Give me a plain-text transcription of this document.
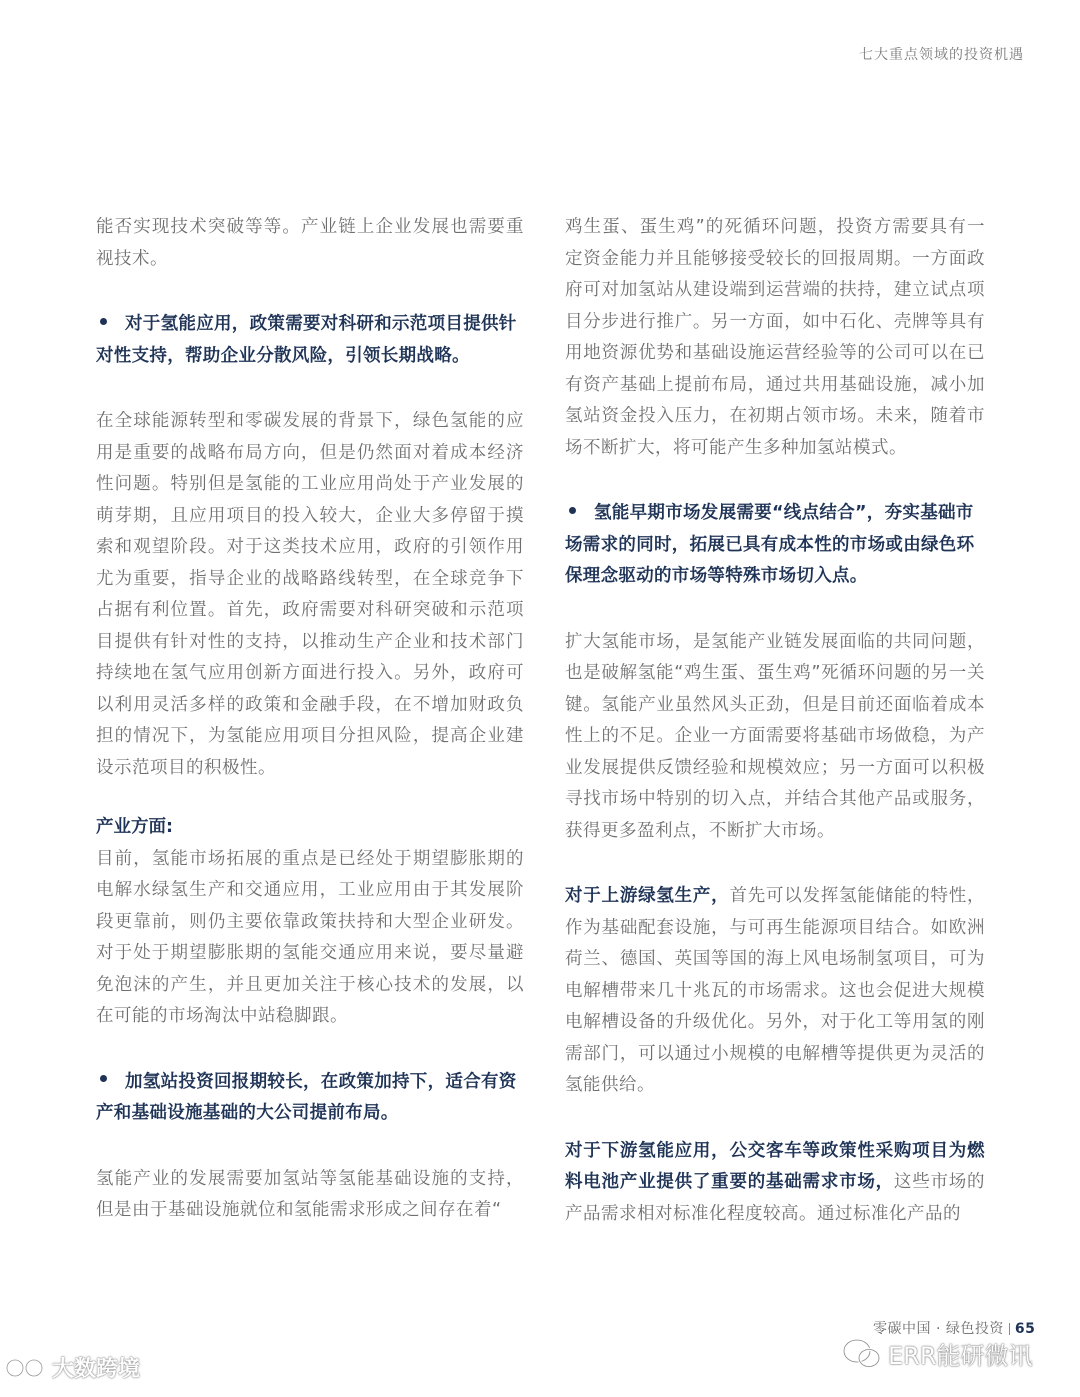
七大重点领域的投资机遇

能否实现技术突破等等。产业链上企业发展也需要重视技术。

对于氢能应用，政策需要对科研和示范项目提供针对性支持，帮助企业分散风险，引领长期战略。

在全球能源转型和零碳发展的背景下，绿色氢能的应用是重要的战略布局方向，但是仍然面对着成本经济性问题。特别但是氢能的工业应用尚处于产业发展的萌芽期，且应用项目的投入较大，企业大多停留于摸索和观望阶段。对于这类技术应用，政府的引领作用尤为重要，指导企业的战略路线转型，在全球竞争下占据有利位置。首先，政府需要对科研突破和示范项目提供有针对性的支持，以推动生产企业和技术部门持续地在氢气应用创新方面进行投入。另外，政府可以利用灵活多样的政策和金融手段，在不增加财政负担的情况下，为氢能应用项目分担风险，提高企业建设示范项目的积极性。

产业方面:

目前，氢能市场拓展的重点是已经处于期望膨胀期的电解水绿氢生产和交通应用，工业应用由于其发展阶段更靠前，则仍主要依靠政策扶持和大型企业研发。对于处于期望膨胀期的氢能交通应用来说，要尽量避免泡沫的产生，并且更加关注于核心技术的发展，以在可能的市场淘汰中站稳脚跟。

加氢站投资回报期较长，在政策加持下，适合有资产和基础设施基础的大公司提前布局。

氢能产业的发展需要加氢站等氢能基础设施的支持，但是由于基础设施就位和氢能需求形成之间存在着“

鸡生蛋、蛋生鸡”的死循环问题，投资方需要具有一定资金能力并且能够接受较长的回报周期。一方面政府可对加氢站从建设端到运营端的扶持，建立试点项目分步进行推广。另一方面，如中石化、壳牌等具有用地资源优势和基础设施运营经验等的公司可以在已有资产基础上提前布局，通过共用基础设施，减小加氢站资金投入压力，在初期占领市场。未来，随着市场不断扩大，将可能产生多种加氢站模式。

氢能早期市场发展需要“线点结合”，夯实基础市场需求的同时，拓展已具有成本性的市场或由绿色环保理念驱动的市场等特殊市场切入点。

扩大氢能市场，是氢能产业链发展面临的共同问题，也是破解氢能“鸡生蛋、蛋生鸡”死循环问题的另一关键。氢能产业虽然风头正劲，但是目前还面临着成本性上的不足。企业一方面需要将基础市场做稳，为产业发展提供反馈经验和规模效应；另一方面可以积极寻找市场中特别的切入点，并结合其他产品或服务，获得更多盈利点，不断扩大市场。

对于上游绿氢生产，首先可以发挥氢能储能的特性，作为基础配套设施，与可再生能源项目结合。如欧洲荷兰、德国、英国等国的海上风电场制氢项目，可为电解槽带来几十兆瓦的市场需求。这也会促进大规模电解槽设备的升级优化。另外，对于化工等用氢的刚需部门，可以通过小规模的电解槽等提供更为灵活的氢能供给。

对于下游氢能应用，公交客车等政策性采购项目为燃料电池产业提供了重要的基础需求市场，这些市场的产品需求相对标准化程度较高。通过标准化产品的

零碳中国 · 绿色投资 65
大数跨境	ERR能研微讯
